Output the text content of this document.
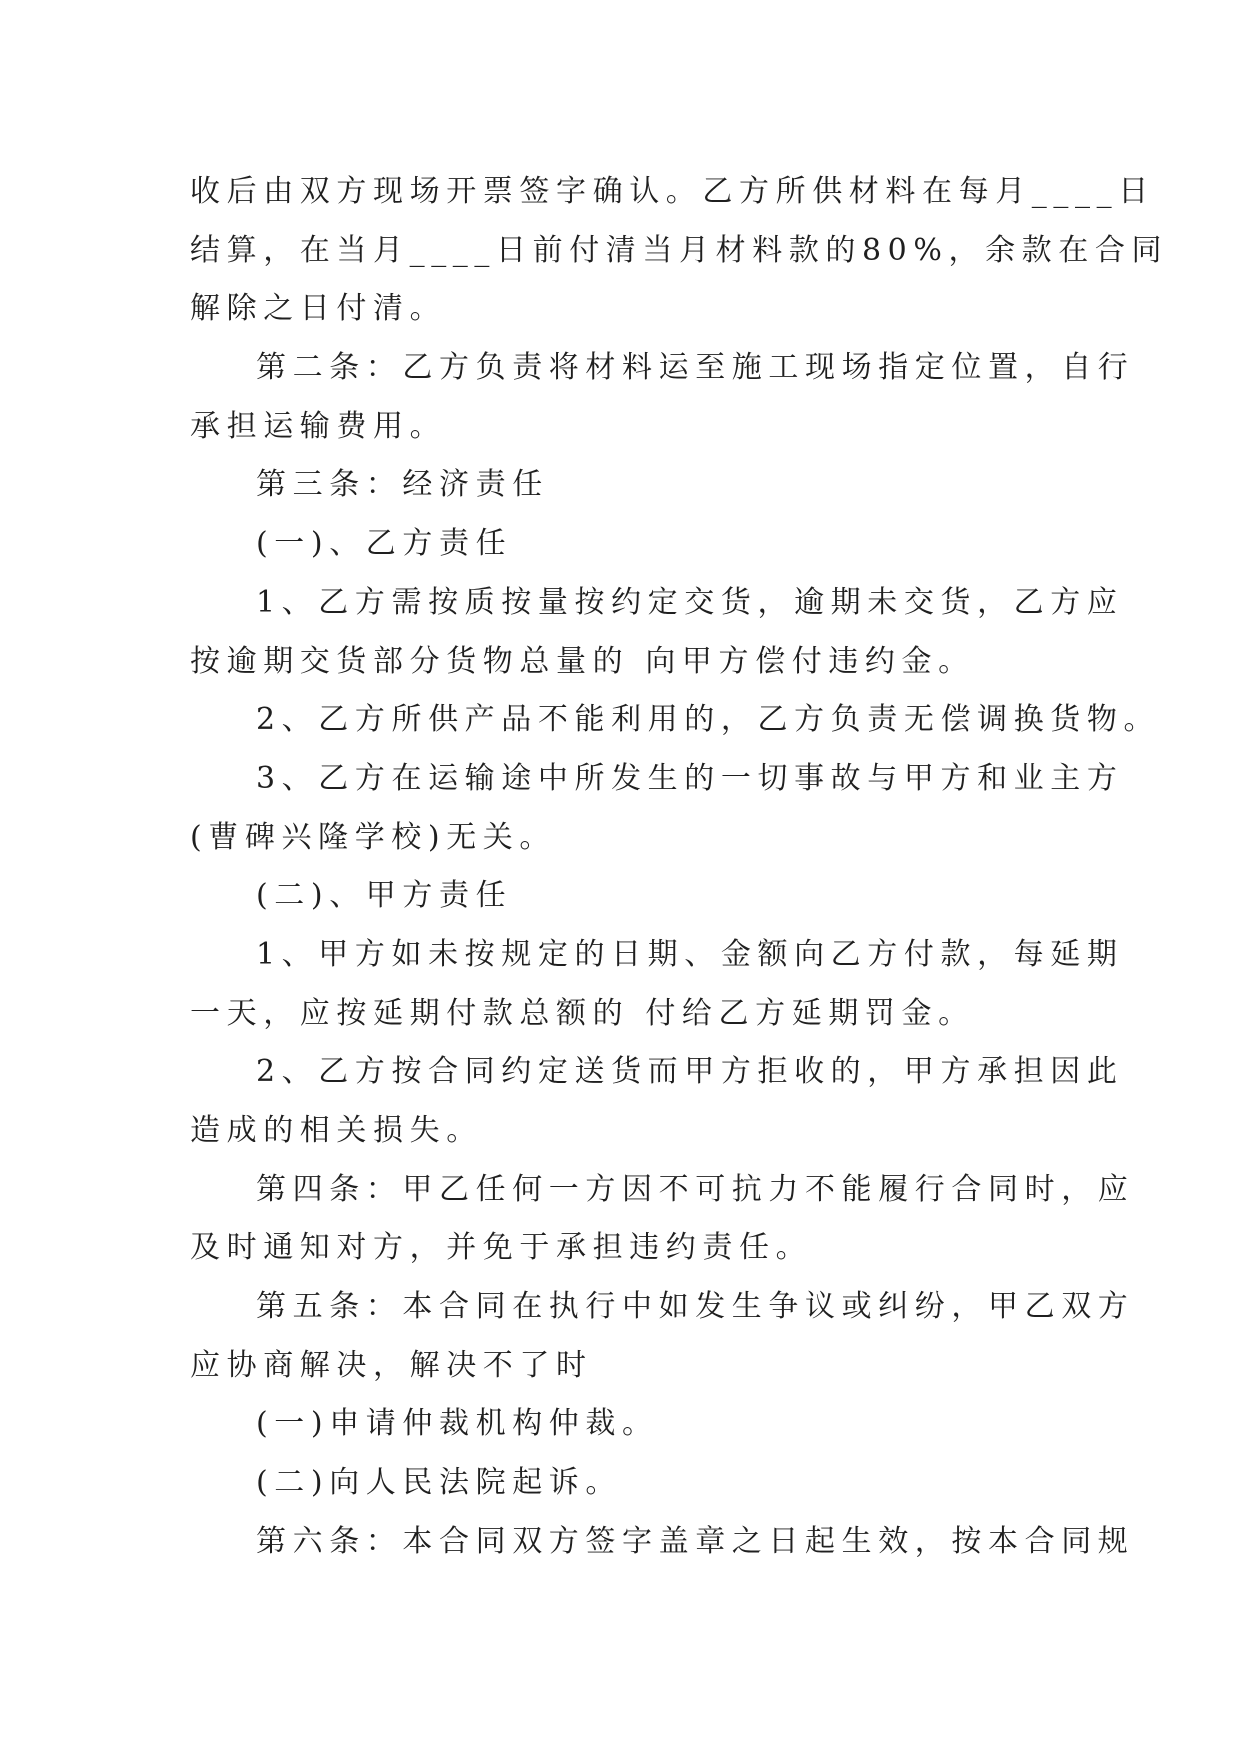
收后由双方现场开票签字确认。乙方所供材料在每月____日
结算，在当月____日前付清当月材料款的80%，余款在合同
解除之日付清。
第二条：乙方负责将材料运至施工现场指定位置，自行
承担运输费用。
第三条：经济责任
(一)、乙方责任
1、乙方需按质按量按约定交货，逾期未交货，乙方应
按逾期交货部分货物总量的 向甲方偿付违约金。
2、乙方所供产品不能利用的，乙方负责无偿调换货物。
3、乙方在运输途中所发生的一切事故与甲方和业主方
(曹碑兴隆学校)无关。
(二)、甲方责任
1、甲方如未按规定的日期、金额向乙方付款，每延期
一天，应按延期付款总额的 付给乙方延期罚金。
2、乙方按合同约定送货而甲方拒收的，甲方承担因此
造成的相关损失。
第四条：甲乙任何一方因不可抗力不能履行合同时，应
及时通知对方，并免于承担违约责任。
第五条：本合同在执行中如发生争议或纠纷，甲乙双方
应协商解决，解决不了时
(一)申请仲裁机构仲裁。
(二)向人民法院起诉。
第六条：本合同双方签字盖章之日起生效，按本合同规
